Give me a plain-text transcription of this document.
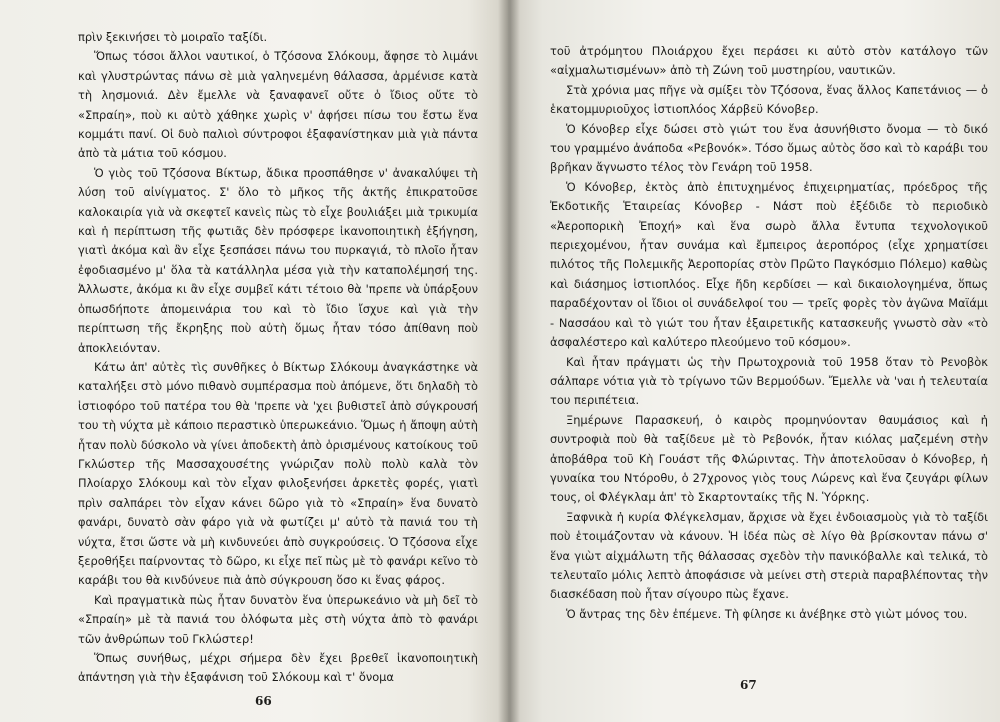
πρὶν ξεκινήσει τὸ μοιραῖο ταξίδι.

Ὅπως τόσοι ἄλλοι ναυτικοί, ὁ Τζόσονα Σλόκουμ, ἄφησε τὸ λιμάνι καὶ γλυστρώντας πάνω σὲ μιὰ γαληνεμένη θάλασσα, ἀρμένισε κατὰ τὴ λησμονιά. Δὲν ἔμελλε νὰ ξαναφανεῖ οὔτε ὁ ἴδιος οὔτε τὸ «Σπραίη», ποὺ κι αὐτὸ χάθηκε χωρὶς ν' ἀφήσει πίσω του ἔστω ἕνα κομμάτι πανί. Οἱ δυὸ παλιοὶ σύντροφοι ἐξαφανίστηκαν μιὰ γιὰ πάντα ἀπὸ τὰ μάτια τοῦ κόσμου.

Ὁ γιὸς τοῦ Τζόσονα Βίκτωρ, ἄδικα προσπάθησε ν' ἀνακαλύψει τὴ λύση τοῦ αἰνίγματος. Σ' ὅλο τὸ μῆκος τῆς ἀκτῆς ἐπικρατοῦσε καλοκαιρία γιὰ νὰ σκεφτεῖ κανεὶς πὼς τὸ εἶχε βουλιάξει μιὰ τρικυμία καὶ ἡ περίπτωση τῆς φωτιᾶς δὲν πρόσφερε ἱκανοποιητικὴ ἐξήγηση, γιατὶ ἀκόμα καὶ ἂν εἶχε ξεσπάσει πάνω του πυρκαγιά, τὸ πλοῖο ἦταν ἐφοδιασμένο μ' ὅλα τὰ κατάλληλα μέσα γιὰ τὴν καταπολέμησή της. Ἀλλωστε, ἀκόμα κι ἂν εἶχε συμβεῖ κάτι τέτοιο θὰ 'πρεπε νὰ ὑπάρξουν ὁπωσδήποτε ἀπομεινάρια του καὶ τὸ ἴδιο ἴσχυε καὶ γιὰ τὴν περίπτωση τῆς ἔκρηξης ποὺ αὐτὴ ὅμως ἦταν τόσο ἀπίθανη ποὺ ἀποκλειόνταν.

Κάτω ἀπ' αὐτὲς τὶς συνθῆκες ὁ Βίκτωρ Σλόκουμ ἀναγκάστηκε νὰ καταλήξει στὸ μόνο πιθανὸ συμπέρασμα ποὺ ἀπόμενε, ὅτι δηλαδὴ τὸ ἱστιοφόρο τοῦ πατέρα του θὰ 'πρεπε νὰ 'χει βυθιστεῖ ἀπὸ σύγκρουσή του τὴ νύχτα μὲ κάποιο περαστικὸ ὑπερωκεάνιο. Ὅμως ἡ ἄποψη αὐτὴ ἦταν πολὺ δύσκολο νὰ γίνει ἀποδεκτὴ ἀπὸ ὁρισμένους κατοίκους τοῦ Γκλώστερ τῆς Μασσαχουσέτης γνώριζαν πολὺ πολὺ καλὰ τὸν Πλοίαρχο Σλόκουμ καὶ τὸν εἶχαν φιλοξενήσει ἀρκετὲς φορές, γιατὶ πρὶν σαλπάρει τὸν εἶχαν κάνει δῶρο γιὰ τὸ «Σπραίη» ἕνα δυνατὸ φανάρι, δυνατὸ σὰν φάρο γιὰ νὰ φωτίζει μ' αὐτὸ τὰ πανιά του τὴ νύχτα, ἔτσι ὥστε νὰ μὴ κινδυνεύει ἀπὸ συγκρούσεις. Ὁ Τζόσονα εἶχε ξεροθήξει παίρνοντας τὸ δῶρο, κι εἶχε πεῖ πὼς μὲ τὸ φανάρι κεῖνο τὸ καράβι του θὰ κινδύνευε πιὰ ἀπὸ σύγκρουση ὅσο κι ἕνας φάρος.

Καὶ πραγματικὰ πὼς ἦταν δυνατὸν ἕνα ὑπερωκεάνιο νὰ μὴ δεῖ τὸ «Σπραίη» μὲ τὰ πανιά του ὁλόφωτα μὲς στὴ νύχτα ἀπὸ τὸ φανάρι τῶν ἀνθρώπων τοῦ Γκλώστερ!

Ὅπως συνήθως, μέχρι σήμερα δὲν ἔχει βρεθεῖ ἱκανοποιητικὴ ἀπάντηση γιὰ τὴν ἐξαφάνιση τοῦ Σλόκουμ καὶ τ' ὄνομα

66

τοῦ ἀτρόμητου Πλοιάρχου ἔχει περάσει κι αὐτὸ στὸν κατάλογο τῶν «αἰχμαλωτισμένων» ἀπὸ τὴ Ζώνη τοῦ μυστηρίου, ναυτικῶν.

Στὰ χρόνια μας πῆγε νὰ σμίξει τὸν Τζόσονα, ἕνας ἄλλος Καπετάνιος — ὁ ἑκατομμυριοῦχος ἱστιοπλόος Χάρβεϋ Κόνοβερ.

Ὁ Κόνοβερ εἶχε δώσει στὸ γιώτ του ἕνα ἀσυνήθιστο ὄνομα — τὸ δικό του γραμμένο ἀνάποδα «Ρεβονόκ». Τόσο ὅμως αὐτὸς ὅσο καὶ τὸ καράβι του βρῆκαν ἄγνωστο τέλος τὸν Γενάρη τοῦ 1958.

Ὁ Κόνοβερ, ἐκτὸς ἀπὸ ἐπιτυχημένος ἐπιχειρηματίας, πρόεδρος τῆς Ἐκδοτικῆς Ἑταιρείας Κόνοβερ - Νάστ ποὺ ἐξέδιδε τὸ περιοδικὸ «Ἀεροπορικὴ Ἐποχή» καὶ ἕνα σωρὸ ἄλλα ἔντυπα τεχνολογικοῦ περιεχομένου, ἦταν συνάμα καὶ ἔμπειρος ἀεροπόρος (εἶχε χρηματίσει πιλότος τῆς Πολεμικῆς Ἀεροπορίας στὸν Πρῶτο Παγκόσμιο Πόλεμο) καθὼς καὶ διάσημος ἱστιοπλόος. Εἶχε ἤδη κερδίσει — καὶ δικαιολογημένα, ὅπως παραδέχονταν οἱ ἴδιοι οἱ συνάδελφοί του — τρεῖς φορὲς τὸν ἀγῶνα Μαϊάμι - Νασσάου καὶ τὸ γιώτ του ἦταν ἐξαιρετικῆς κατασκευῆς γνωστὸ σὰν «τὸ ἀσφαλέστερο καὶ καλύτερο πλεούμενο τοῦ κόσμου».

Καὶ ἦταν πράγματι ὡς τὴν Πρωτοχρονιὰ τοῦ 1958 ὅταν τὸ Ρενοβὸκ σάλπαρε νότια γιὰ τὸ τρίγωνο τῶν Βερμούδων. Ἔμελλε νὰ 'ναι ἡ τελευταία του περιπέτεια.

Ξημέρωνε Παρασκευή, ὁ καιρὸς προμηνύονταν θαυμάσιος καὶ ἡ συντροφιὰ ποὺ θὰ ταξίδευε μὲ τὸ Ρεβονόκ, ἦταν κιόλας μαζεμένη στὴν ἀποβάθρα τοῦ Κὴ Γουάστ τῆς Φλώριντας. Τὴν ἀποτελοῦσαν ὁ Κόνοβερ, ἡ γυναίκα του Ντόροθυ, ὁ 27χρονος γιὸς τους Λώρενς καὶ ἕνα ζευγάρι φίλων τους, οἱ Φλέγκλαμ ἀπ' τὸ Σκαρτονταίκς τῆς Ν. Ὑόρκης.

Ξαφνικὰ ἡ κυρία Φλέγκελσμαν, ἄρχισε νὰ ἔχει ἐνδοιασμοὺς γιὰ τὸ ταξίδι ποὺ ἑτοιμάζονταν νὰ κάνουν. Ἡ ἰδέα πὼς σὲ λίγο θὰ βρίσκονταν πάνω σ' ἕνα γιὼτ αἰχμάλωτη τῆς θάλασσας σχεδὸν τὴν πανικόβαλλε καὶ τελικά, τὸ τελευταῖο μόλις λεπτὸ ἀποφάσισε νὰ μείνει στὴ στεριὰ παραβλέποντας τὴν διασκέδαση ποὺ ἦταν σίγουρο πὼς ἔχανε.

Ὁ ἄντρας της δὲν ἐπέμενε. Τὴ φίλησε κι ἀνέβηκε στὸ γιὼτ μόνος του.

67
